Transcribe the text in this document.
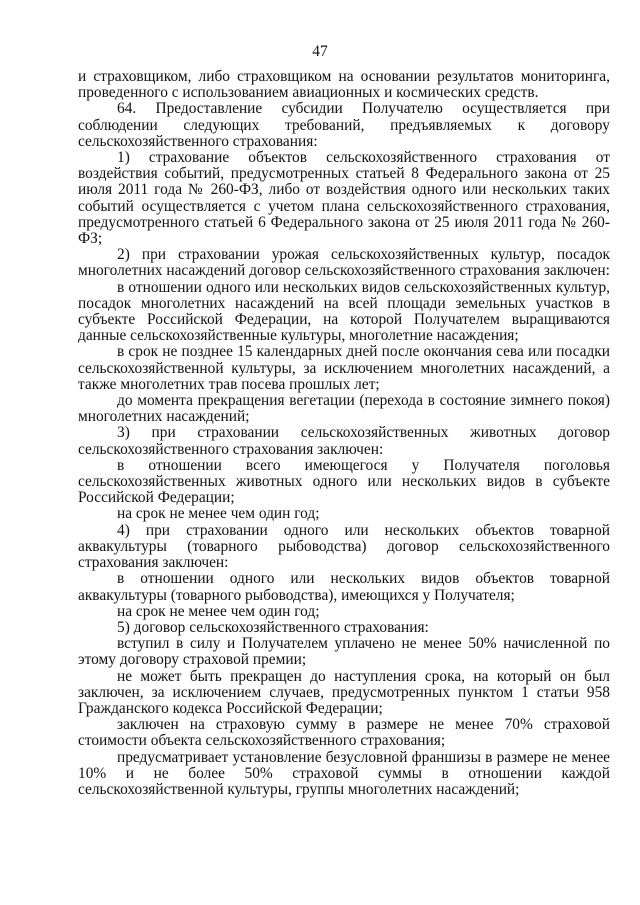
47

и страховщиком, либо страховщиком на основании результатов мониторинга, проведенного с использованием авиационных и космических средств.

64. Предоставление субсидии Получателю осуществляется при соблюдении следующих требований, предъявляемых к договору сельскохозяйственного страхования:

1) страхование объектов сельскохозяйственного страхования от воздействия событий, предусмотренных статьей 8 Федерального закона от 25 июля 2011 года № 260-ФЗ, либо от воздействия одного или нескольких таких событий осуществляется с учетом плана сельскохозяйственного страхования, предусмотренного статьей 6 Федерального закона от 25 июля 2011 года № 260-ФЗ;

2) при страховании урожая сельскохозяйственных культур, посадок многолетних насаждений договор сельскохозяйственного страхования заключен:

в отношении одного или нескольких видов сельскохозяйственных культур, посадок многолетних насаждений на всей площади земельных участков в субъекте Российской Федерации, на которой Получателем выращиваются данные сельскохозяйственные культуры, многолетние насаждения;

в срок не позднее 15 календарных дней после окончания сева или посадки сельскохозяйственной культуры, за исключением многолетних насаждений, а также многолетних трав посева прошлых лет;

до момента прекращения вегетации (перехода в состояние зимнего покоя) многолетних насаждений;

3) при страховании сельскохозяйственных животных договор сельскохозяйственного страхования заключен:

в отношении всего имеющегося у Получателя поголовья сельскохозяйственных животных одного или нескольких видов в субъекте Российской Федерации;

на срок не менее чем один год;

4) при страховании одного или нескольких объектов товарной аквакультуры (товарного рыбоводства) договор сельскохозяйственного страхования заключен:

в отношении одного или нескольких видов объектов товарной аквакультуры (товарного рыбоводства), имеющихся у Получателя;

на срок не менее чем один год;

5) договор сельскохозяйственного страхования:

вступил в силу и Получателем уплачено не менее 50% начисленной по этому договору страховой премии;

не может быть прекращен до наступления срока, на который он был заключен, за исключением случаев, предусмотренных пунктом 1 статьи 958 Гражданского кодекса Российской Федерации;

заключен на страховую сумму в размере не менее 70% страховой стоимости объекта сельскохозяйственного страхования;

предусматривает установление безусловной франшизы в размере не менее 10% и не более 50% страховой суммы в отношении каждой сельскохозяйственной культуры, группы многолетних насаждений;
